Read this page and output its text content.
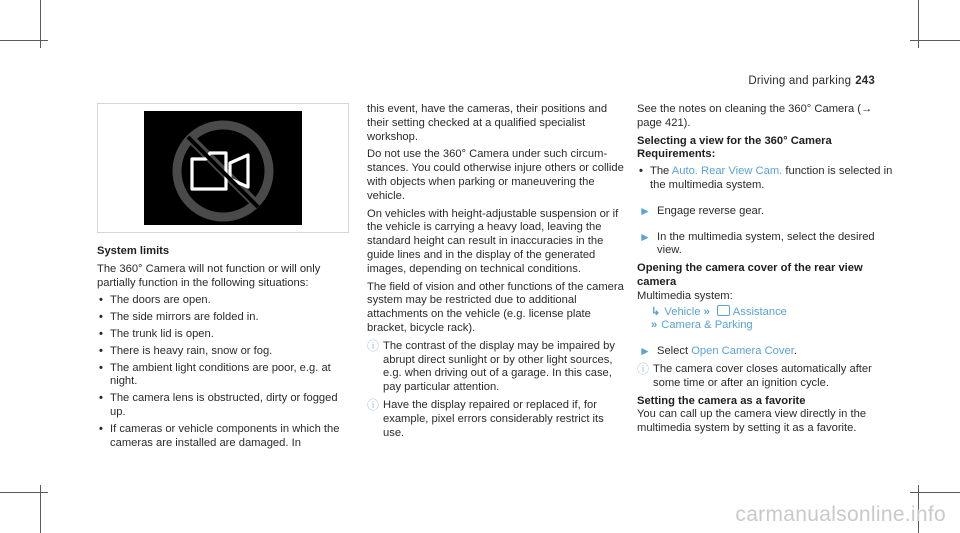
Driving and parking 243

System limits

The 360° Camera will not function or will only partially function in the following situations:

• The doors are open.
• The side mirrors are folded in.
• The trunk lid is open.
• There is heavy rain, snow or fog.
• The ambient light conditions are poor, e.g. at night.
• The camera lens is obstructed, dirty or fogged up.
• If cameras or vehicle components in which the cameras are installed are damaged. In

this event, have the cameras, their positions and their setting checked at a qualified specialist workshop.

Do not use the 360° Camera under such circumstances. You could otherwise injure others or collide with objects when parking or maneuvering the vehicle.

On vehicles with height-adjustable suspension or if the vehicle is carrying a heavy load, leaving the standard height can result in inaccuracies in the guide lines and in the display of the generated images, depending on technical conditions.

The field of vision and other functions of the camera system may be restricted due to additional attachments on the vehicle (e.g. license plate bracket, bicycle rack).

ⓘ The contrast of the display may be impaired by abrupt direct sunlight or by other light sources, e.g. when driving out of a garage. In this case, pay particular attention.
ⓘ Have the display repaired or replaced if, for example, pixel errors considerably restrict its use.

See the notes on cleaning the 360° Camera (→ page 421).

Selecting a view for the 360° Camera
Requirements:

• The Auto. Rear View Cam. function is selected in the multimedia system.
► Engage reverse gear.
► In the multimedia system, select the desired view.

Opening the camera cover of the rear view camera

Multimedia system:

↳ Vehicle » Assistance
» Camera & Parking
► Select Open Camera Cover.
ⓘ The camera cover closes automatically after some time or after an ignition cycle.

Setting the camera as a favorite

You can call up the camera view directly in the multimedia system by setting it as a favorite.

carmanualsonline.info
